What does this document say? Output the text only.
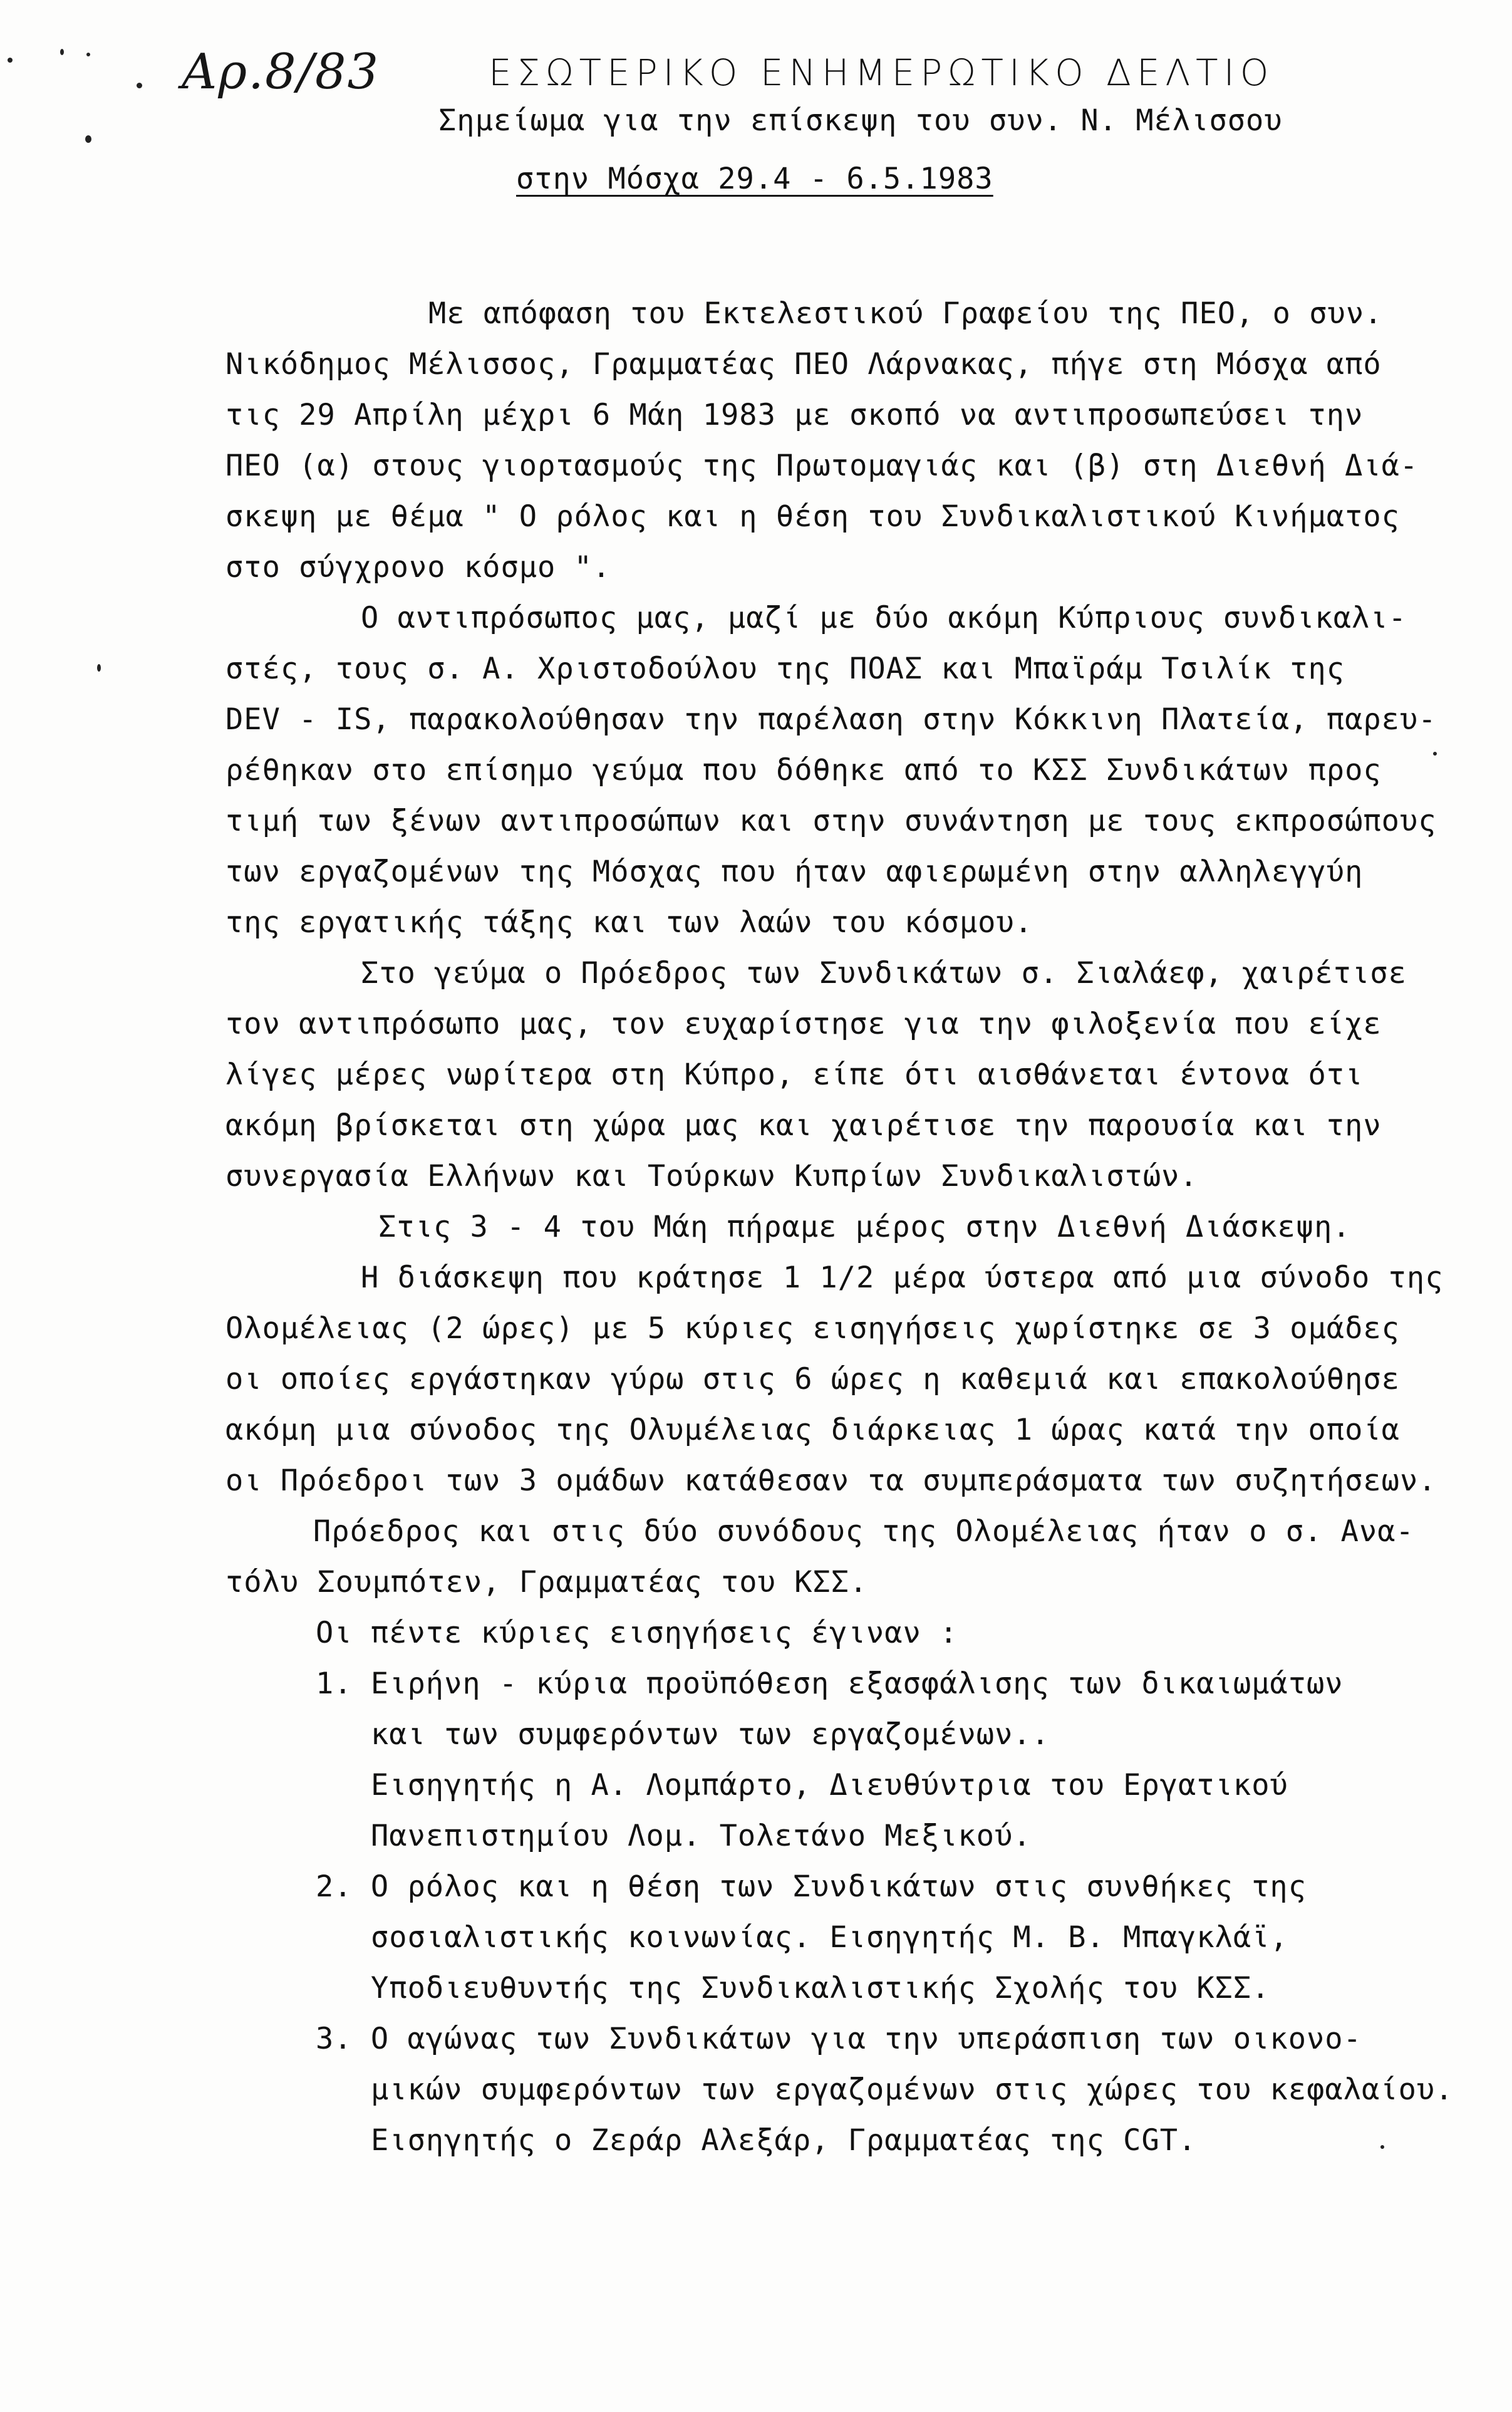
Αρ.8/83	ΕΣΩΤΕΡΙΚΟ ΕΝΗΜΕΡΩΤΙΚΟ ΔΕΛΤΙΟ
Σημείωμα για την επίσκεψη του συν. Ν. Μέλισσου
στην Μόσχα 29.4 - 6.5.1983
Με απόφαση του Εκτελεστικού Γραφείου της ΠΕΟ, ο συν.
Νικόδημος Μέλισσος, Γραμματέας ΠΕΟ Λάρνακας, πήγε στη Μόσχα από
τις 29 Απρίλη μέχρι 6 Μάη 1983 με σκοπό να αντιπροσωπεύσει την
ΠΕΟ (α) στους γιορτασμούς της Πρωτομαγιάς και (β) στη Διεθνή Διά-
σκεψη με θέμα " Ο ρόλος και η θέση του Συνδικαλιστικού Κινήματος
στο σύγχρονο κόσμο ".
Ο αντιπρόσωπος μας, μαζί με δύο ακόμη Κύπριους συνδικαλι-
στές, τους σ. Α. Χριστοδούλου της ΠΟΑΣ και Μπαϊράμ Τσιλίκ της
DEV - IS, παρακολούθησαν την παρέλαση στην Κόκκινη Πλατεία, παρευ-
ρέθηκαν στο επίσημο γεύμα που δόθηκε από το ΚΣΣ Συνδικάτων προς
τιμή των ξένων αντιπροσώπων και στην συνάντηση με τους εκπροσώπους
των εργαζομένων της Μόσχας που ήταν αφιερωμένη στην αλληλεγγύη
της εργατικής τάξης και των λαών του κόσμου.
Στο γεύμα ο Πρόεδρος των Συνδικάτων σ. Σιαλάεφ, χαιρέτισε
τον αντιπρόσωπο μας, τον ευχαρίστησε για την φιλοξενία που είχε
λίγες μέρες νωρίτερα στη Κύπρο, είπε ότι αισθάνεται έντονα ότι
ακόμη βρίσκεται στη χώρα μας και χαιρέτισε την παρουσία και την
συνεργασία Ελλήνων και Τούρκων Κυπρίων Συνδικαλιστών.
Στις 3 - 4 του Μάη πήραμε μέρος στην Διεθνή Διάσκεψη.
Η διάσκεψη που κράτησε 1 1/2 μέρα ύστερα από μια σύνοδο της
Ολομέλειας (2 ώρες) με 5 κύριες εισηγήσεις χωρίστηκε σε 3 ομάδες
οι οποίες εργάστηκαν γύρω στις 6 ώρες η καθεμιά και επακολούθησε
ακόμη μια σύνοδος της Ολυμέλειας διάρκειας 1 ώρας κατά την οποία
οι Πρόεδροι των 3 ομάδων κατάθεσαν τα συμπεράσματα των συζητήσεων.
Πρόεδρος και στις δύο συνόδους της Ολομέλειας ήταν ο σ. Ανα-
τόλυ Σουμπότεν, Γραμματέας του ΚΣΣ.
Οι πέντε κύριες εισηγήσεις έγιναν :
1. Ειρήνη - κύρια προϋπόθεση εξασφάλισης των δικαιωμάτων
και των συμφερόντων των εργαζομένων..
Εισηγητής η Α. Λομπάρτο, Διευθύντρια του Εργατικού
Πανεπιστημίου Λομ. Τολετάνο Μεξικού.
2. Ο ρόλος και η θέση των Συνδικάτων στις συνθήκες της
σοσιαλιστικής κοινωνίας. Εισηγητής Μ. Β. Μπαγκλάϊ,
Υποδιευθυντής της Συνδικαλιστικής Σχολής του ΚΣΣ.
3. Ο αγώνας των Συνδικάτων για την υπεράσπιση των οικονο-
μικών συμφερόντων των εργαζομένων στις χώρες του κεφαλαίου.
Εισηγητής ο Ζεράρ Αλεξάρ, Γραμματέας της CGT.
